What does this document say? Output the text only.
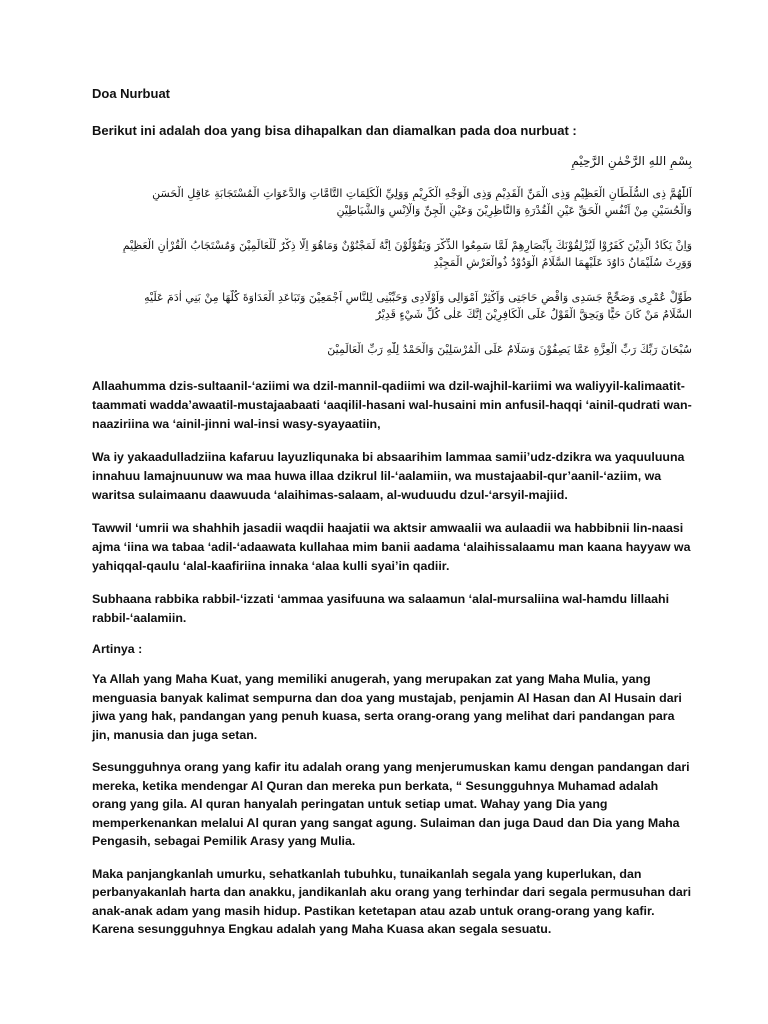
Doa Nurbuat

Berikut ini adalah doa yang bisa dihapalkan dan diamalkan pada doa nurbuat :

بِسْمِ اللهِ الرَّحْمٰنِ الرَّحِيْمِ
اَللّٰهُمَّ ذِى السُّلْطَانِ الْعَظِيْمِ وَذِى الْمَنِّ الْقَدِيْمِ وَذِى الْوَجْهِ الْكَرِيْمِ وَوَلِيِّ الْكَلِمَاتِ التَّامَّاتِ وَالدَّعَوَاتِ الْمُسْتَجَابَةِ عَاقِلِ الْحَسَنِ
وَالْحُسَيْنِ مِنْ اَنْفُسِ الْحَقِّ عَيْنِ الْقُدْرَةِ وَالنَّاظِرِيْنَ وَعَيْنِ الْجِنِّ وَالْاِنْسِ وَالشَّيَاطِيْنِ
وَاِنْ يَكَادُ الَّذِيْنَ كَفَرُوْا لَيُزْلِقُوْنَكَ بِاَبْصَارِهِمْ لَمَّا سَمِعُوا الذِّكْرَ وَيَقُوْلُوْنَ اِنَّهُ لَمَجْنُوْنٌ وَمَاهُوَ اِلَّا ذِكْرٌ لِّلْعَالَمِيْنَ وَمُسْتَجَابُ الْقُرْاٰنِ الْعَظِيْمِ
وَوَرِثَ سُلَيْمَانُ دَاوُدَ عَلَيْهِمَا السَّلَامُ الْوَدُوْدُ ذُوالْعَرْشِ الْمَجِيْدِ
طَوِّلْ عُمْرِى وَصَحِّحْ جَسَدِى وَاقْضِ حَاجَتِى وَاَكْثِرْ اَمْوَالِى وَاَوْلَادِى وَحَبِّبْنِى لِلنَّاسِ اَجْمَعِيْنَ وَتَبَاعَدِ الْعَدَاوَةَ كُلَّهَا مِنْ بَنِي اٰدَمَ عَلَيْهِ
السَّلَامُ مَنْ كَانَ حَيًّا وَيَحِقَّ الْقَوْلُ عَلَى الْكَافِرِيْنَ اِنَّكَ عَلٰى كُلِّ شَيْءٍ قَدِيْرٌ
سُبْحَانَ رَبِّكَ رَبِّ الْعِزَّةِ عَمَّا يَصِفُوْنَ وَسَلَامٌ عَلَى الْمُرْسَلِيْنَ وَالْحَمْدُ لِلّٰهِ رَبِّ الْعَالَمِيْنَ

Allaahumma dzis-sultaanil-‘aziimi wa dzil-mannil-qadiimi wa dzil-wajhil-kariimi wa waliyyil-kalimaatit-taammati wadda’awaatil-mustajaabaati ‘aaqilil-hasani wal-husaini min anfusil-haqqi ‘ainil-qudrati wan-naaziriina wa ‘ainil-jinni wal-insi wasy-syayaatiin,

Wa iy yakaadulladziina kafaruu layuzliqunaka bi absaarihim lammaa samii’udz-dzikra wa yaquuluuna innahuu lamajnuunuw wa maa huwa illaa dzikrul lil-‘aalamiin, wa mustajaabil-qur’aanil-‘aziim, wa waritsa sulaimaanu daawuuda ‘alaihimas-salaam, al-wuduudu dzul-‘arsyil-majiid.

Tawwil ‘umrii wa shahhih jasadii waqdii haajatii wa aktsir amwaalii wa aulaadii wa habbibnii lin-naasi ajma ‘iina wa tabaa ‘adil-‘adaawata kullahaa mim banii aadama ‘alaihissalaamu man kaana hayyaw wa yahiqqal-qaulu ‘alal-kaafiriina innaka ‘alaa kulli syai’in qadiir.

Subhaana rabbika rabbil-‘izzati ‘ammaa yasifuuna wa salaamun ‘alal-mursaliina wal-hamdu lillaahi rabbil-‘aalamiin.

Artinya :

Ya Allah yang Maha Kuat, yang memiliki anugerah, yang merupakan zat yang Maha Mulia, yang menguasia banyak kalimat sempurna dan doa yang mustajab, penjamin Al Hasan dan Al Husain dari jiwa yang hak, pandangan yang penuh kuasa, serta orang-orang yang melihat dari pandangan para jin, manusia dan juga setan.

Sesungguhnya orang yang kafir itu adalah orang yang menjerumuskan kamu dengan pandangan dari mereka, ketika mendengar Al Quran dan mereka pun berkata, “ Sesungguhnya Muhamad adalah orang yang gila. Al quran hanyalah peringatan untuk setiap umat. Wahay yang Dia yang memperkenankan melalui Al quran yang sangat agung. Sulaiman dan juga Daud dan Dia yang Maha Pengasih, sebagai Pemilik Arasy yang Mulia.

Maka panjangkanlah umurku, sehatkanlah tubuhku, tunaikanlah segala yang kuperlukan, dan perbanyakanlah harta dan anakku, jandikanlah aku orang yang terhindar dari segala permusuhan dari anak-anak adam yang masih hidup. Pastikan ketetapan atau azab untuk orang-orang yang kafir. Karena sesungguhnya Engkau adalah yang Maha Kuasa akan segala sesuatu.
